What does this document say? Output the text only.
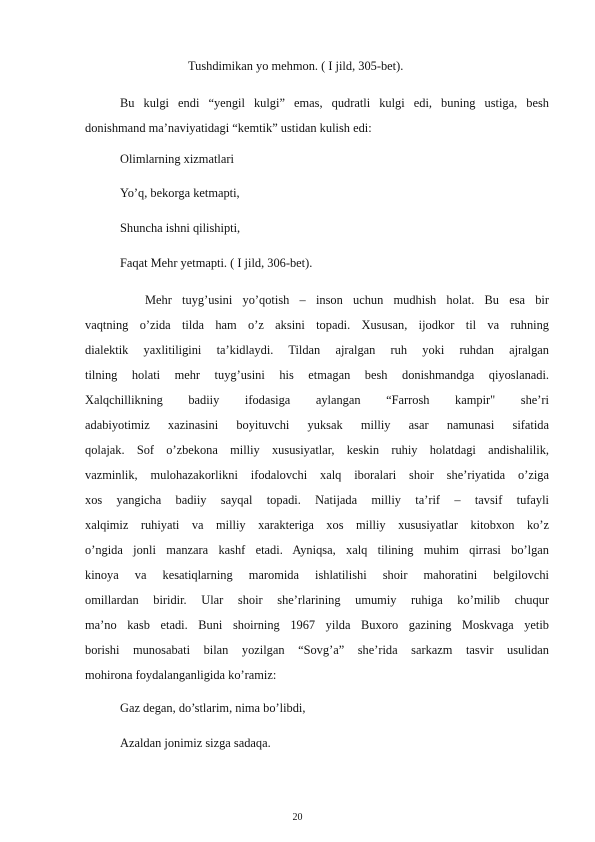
Tushdimikan yo mehmon. ( I jild, 305-bet).
Bu kulgi endi “yengil kulgi” emas, qudratli kulgi edi, buning ustiga, besh
donishmand ma’naviyatidagi “kemtik” ustidan kulish edi:
Olimlarning xizmatlari
Yo’q, bekorga ketmapti,
Shuncha ishni qilishipti,
Faqat Mehr yetmapti. ( I jild, 306-bet).
Mehr tuyg’usini yo’qotish – inson uchun mudhish holat. Bu esa bir
vaqtning o’zida tilda ham o’z aksini topadi. Xususan, ijodkor til va ruhning
dialektik yaxlitiligini ta’kidlaydi. Tildan ajralgan ruh yoki ruhdan ajralgan
tilning holati mehr tuyg’usini his etmagan besh donishmandga qiyoslanadi.
Xalqchillikning badiiy ifodasiga aylangan “Farrosh kampir" she’ri
adabiyotimiz xazinasini boyituvchi yuksak milliy asar namunasi sifatida
qolajak. Sof o’zbekona milliy xususiyatlar, keskin ruhiy holatdagi andishalilik,
vazminlik, mulohazakorlikni ifodalovchi xalq iboralari shoir she’riyatida o’ziga
xos yangicha badiiy sayqal topadi. Natijada milliy ta’rif – tavsif tufayli
xalqimiz ruhiyati va milliy xarakteriga xos milliy xususiyatlar kitobxon ko’z
o’ngida jonli manzara kashf etadi. Ayniqsa, xalq tilining muhim qirrasi bo’lgan
kinoya va kesatiqlarning maromida ishlatilishi shoir mahoratini belgilovchi
omillardan biridir. Ular shoir she’rlarining umumiy ruhiga ko’milib chuqur
ma’no kasb etadi. Buni shoirning 1967 yilda Buxoro gazining Moskvaga yetib
borishi munosabati bilan yozilgan “Sovg’a” she’rida sarkazm tasvir usulidan
mohirona foydalanganligida ko’ramiz:
Gaz degan, do’stlarim, nima bo’libdi,
Azaldan jonimiz sizga sadaqa.
20
